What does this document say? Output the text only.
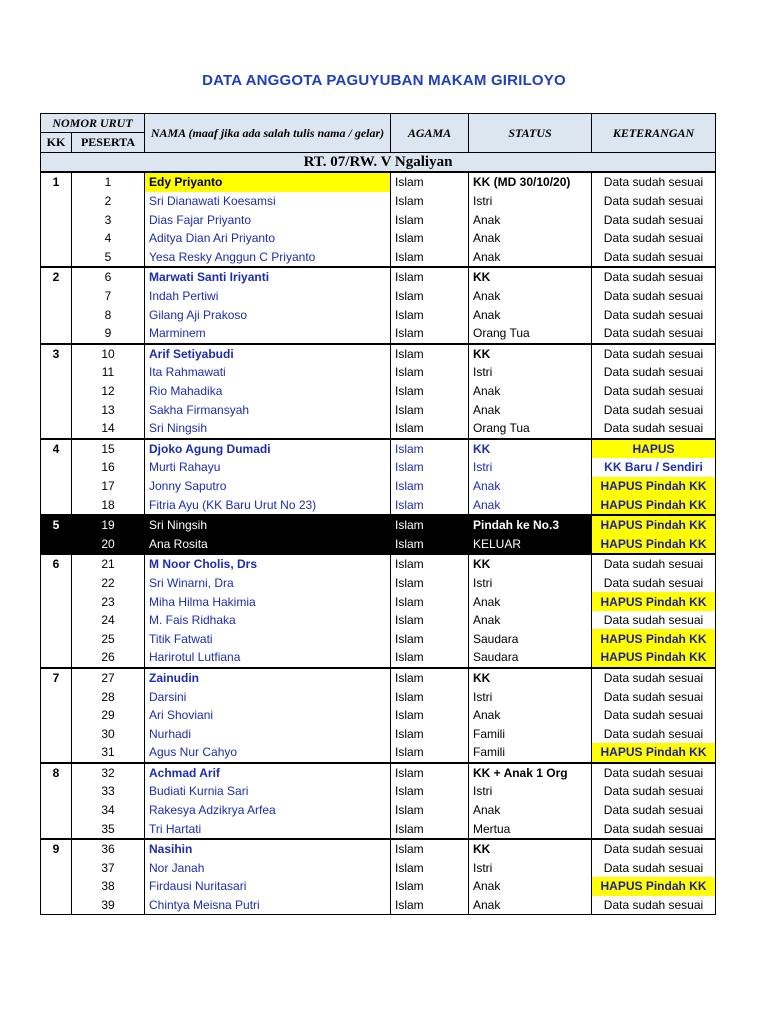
DATA ANGGOTA PAGUYUBAN MAKAM GIRILOYO
NOMOR URUT		NAMA (maaf jika ada salah tulis nama / gelar)	AGAMA	STATUS	KETERANGAN
KK	PESERTA				
RT. 07/RW. V Ngaliyan					
1	1	Edy Priyanto	Islam	KK (MD 30/10/20)	Data sudah sesuai
	2	Sri Dianawati Koesamsi	Islam	Istri	Data sudah sesuai
	3	Dias Fajar Priyanto	Islam	Anak	Data sudah sesuai
	4	Aditya Dian Ari Priyanto	Islam	Anak	Data sudah sesuai
	5	Yesa Resky Anggun C Priyanto	Islam	Anak	Data sudah sesuai
2	6	Marwati Santi Iriyanti	Islam	KK	Data sudah sesuai
	7	Indah Pertiwi	Islam	Anak	Data sudah sesuai
	8	Gilang Aji Prakoso	Islam	Anak	Data sudah sesuai
	9	Marminem	Islam	Orang Tua	Data sudah sesuai
3	10	Arif Setiyabudi	Islam	KK	Data sudah sesuai
	11	Ita Rahmawati	Islam	Istri	Data sudah sesuai
	12	Rio Mahadika	Islam	Anak	Data sudah sesuai
	13	Sakha Firmansyah	Islam	Anak	Data sudah sesuai
	14	Sri Ningsih	Islam	Orang Tua	Data sudah sesuai
4	15	Djoko Agung Dumadi	Islam	KK	HAPUS
	16	Murti Rahayu	Islam	Istri	KK Baru / Sendiri
	17	Jonny Saputro	Islam	Anak	HAPUS Pindah KK
	18	Fitria Ayu (KK Baru Urut No 23)	Islam	Anak	HAPUS Pindah KK
5	19	Sri Ningsih	Islam	Pindah ke No.3	HAPUS Pindah KK
	20	Ana Rosita	Islam	KELUAR	HAPUS Pindah KK
6	21	M Noor Cholis, Drs	Islam	KK	Data sudah sesuai
	22	Sri Winarni, Dra	Islam	Istri	Data sudah sesuai
	23	Miha Hilma Hakimia	Islam	Anak	HAPUS Pindah KK
	24	M. Fais Ridhaka	Islam	Anak	Data sudah sesuai
	25	Titik Fatwati	Islam	Saudara	HAPUS Pindah KK
	26	Harirotul Lutfiana	Islam	Saudara	HAPUS Pindah KK
7	27	Zainudin	Islam	KK	Data sudah sesuai
	28	Darsini	Islam	Istri	Data sudah sesuai
	29	Ari Shoviani	Islam	Anak	Data sudah sesuai
	30	Nurhadi	Islam	Famili	Data sudah sesuai
	31	Agus Nur Cahyo	Islam	Famili	HAPUS Pindah KK
8	32	Achmad Arif	Islam	KK + Anak 1 Org	Data sudah sesuai
	33	Budiati Kurnia Sari	Islam	Istri	Data sudah sesuai
	34	Rakesya Adzikrya Arfea	Islam	Anak	Data sudah sesuai
	35	Tri Hartati	Islam	Mertua	Data sudah sesuai
9	36	Nasihin	Islam	KK	Data sudah sesuai
	37	Nor Janah	Islam	Istri	Data sudah sesuai
	38	Firdausi Nuritasari	Islam	Anak	HAPUS Pindah KK
	39	Chintya Meisna Putri	Islam	Anak	Data sudah sesuai
